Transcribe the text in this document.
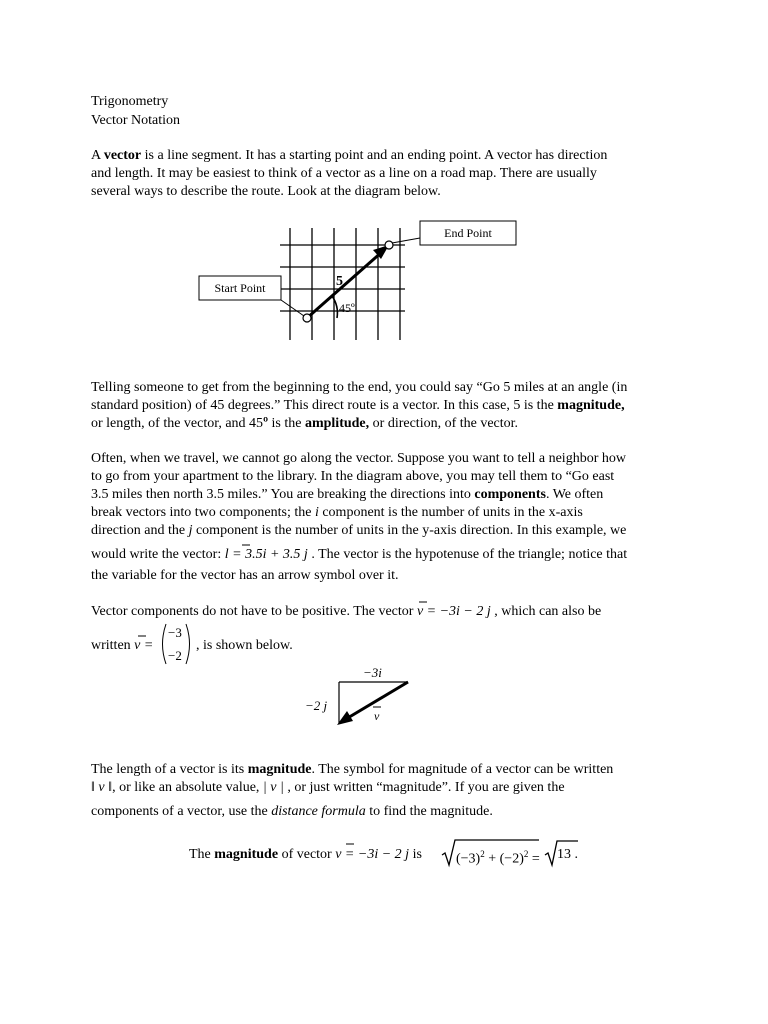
Trigonometry
Vector Notation
A vector is a line segment. It has a starting point and an ending point. A vector has direction
and length. It may be easiest to think of a vector as a line on a road map. There are usually
several ways to describe the route. Look at the diagram below.
End Point
Start Point	5
45º
Telling someone to get from the beginning to the end, you could say “Go 5 miles at an angle (in
standard position) of 45 degrees.” This direct route is a vector. In this case, 5 is the magnitude,
or length, of the vector, and 45º is the amplitude, or direction, of the vector.
Often, when we travel, we cannot go along the vector. Suppose you want to tell a neighbor how
to go from your apartment to the library. In the diagram above, you may tell them to “Go east
3.5 miles then north 3.5 miles.” You are breaking the directions into components. We often
break vectors into two components; the i component is the number of units in the x-axis
direction and the j component is the number of units in the y-axis direction. In this example, we
would write the vector: l = 3.5i + 3.5 j . The vector is the hypotenuse of the triangle; notice that
the variable for the vector has an arrow symbol over it.
Vector components do not have to be positive. The vector v = −3i − 2 j , which can also be
written v =
−3
−2
, is shown below.
−3i
−2 j
v
The length of a vector is its magnitude. The symbol for magnitude of a vector can be written
‖ v ‖, or like an absolute value, | v | , or just written “magnitude”. If you are given the
components of a vector, use the distance formula to find the magnitude.
The magnitude of vector v = −3i − 2 j is $(-3)^2 + (-2)^2 = 13$ .
